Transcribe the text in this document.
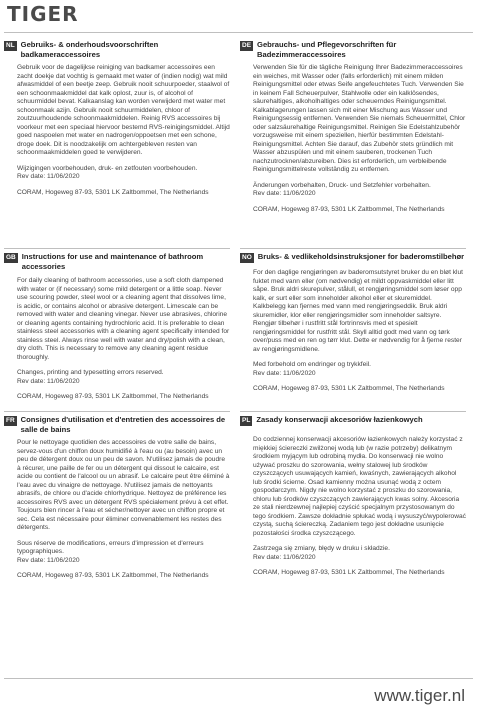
TIGER
NL Gebruiks- & onderhoudsvoorschriften badkameraccessoires

Gebruik voor de dagelijkse reiniging van badkamer accessoires een zacht doekje dat vochtig is gemaakt met water of (indien nodig) wat mild afwasmiddel of een beetje zeep. Gebruik nooit schuurpoeder, staalwol of een schoonmaakmiddel dat kalk oplost, zuur is, of alcohol of schuurmiddel bevat. Kalkaanslag kan worden verwijderd met water met schoonmaak azijn. Gebruik nooit schuurmiddelen, chloor of zoutzuurhoudende schoonmaakmiddelen. Reinig RVS accessoires bij voorkeur met een speciaal hiervoor bestemd RVS-reinigingsmiddel. Altijd goed naspoelen met water en nadrogen/oppoetsen met een schone, droge doek. Dit is noodzakelijk om achtergebleven resten van schoonmaakmiddelen goed te verwijderen.

Wijzigingen voorbehouden, druk- en zetfouten voorbehouden.

Rev date: 11/06/2020

CORAM, Hogeweg 87-93, 5301 LK Zaltbommel, The Netherlands

GB Instructions for use and maintenance of bathroom accessories

For daily cleaning of bathroom accessories, use a soft cloth dampened with water or (if necessary) some mild detergent or a little soap. Never use scouring powder, steel wool or a cleaning agent that dissolves lime, is acidic, or contains alcohol or abrasive detergent. Limescale can be removed with water and cleaning vinegar. Never use abrasives, chlorine or cleaning agents containing hydrochloric acid. It is preferable to clean stainless steel accessories with a cleaning agent specifically intended for stainless steel. Always rinse well with water and dry/polish with a clean, dry cloth. This is necessary to remove any cleaning agent residue thoroughly.

Changes, printing and typesetting errors reserved.

Rev date: 11/06/2020

CORAM, Hogeweg 87-93, 5301 LK Zaltbommel, The Netherlands

FR Consignes d'utilisation et d'entretien des accessoires de salle de bains

Pour le nettoyage quotidien des accessoires de votre salle de bains, servez-vous d'un chiffon doux humidifié à l'eau ou (au besoin) avec un peu de détergent doux ou un peu de savon. N'utilisez jamais de poudre à récurer, une paille de fer ou un détergent qui dissout le calcaire, est acide ou contient de l'alcool ou un abrasif. Le calcaire peut être éliminé à l'eau avec du vinaigre de nettoyage. N'utilisez jamais de nettoyants abrasifs, de chlore ou d'acide chlorhydrique. Nettoyez de préférence les accessoires RVS avec un détergent RVS spécialement prévu à cet effet. Toujours bien rincer à l'eau et sécher/nettoyer avec un chiffon propre et sec. Cela est nécessaire pour éliminer convenablement les restes des détergents.

Sous réserve de modifications, erreurs d'impression et d'erreurs typographiques.

Rev date: 11/06/2020

CORAM, Hogeweg 87-93, 5301 LK Zaltbommel, The Netherlands

DE Gebrauchs- und Pflegevorschriften für Badezimmeraccessoires

Verwenden Sie für die tägliche Reinigung Ihrer Badezimmeraccessoires ein weiches, mit Wasser oder (falls erforderlich) mit einem milden Reinigungsmittel oder etwas Seife angefeuchtetes Tuch. Verwenden Sie in keinem Fall Scheuerpulver, Stahlwolle oder ein kalklösendes, säurehaltiges, alkoholhaltiges oder scheuerndes Reinigungsmittel. Kalkablagerungen lassen sich mit einer Mischung aus Wasser und Reinigungsessig entfernen. Verwenden Sie niemals Scheuermittel, Chlor oder salzsäurehaltige Reinigungsmittel. Reinigen Sie Edelstahlzubehör vorzugsweise mit einem speziellen, hierfür bestimmten Edelstahl-Reinigungsmittel. Achten Sie darauf, das Zubehör stets gründlich mit Wasser abzuspülen und mit einem sauberen, trockenen Tuch nachzutrocknen/abzureiben. Dies ist erforderlich, um verbleibende Reinigungsmittelreste vollständig zu entfernen.

Änderungen vorbehalten, Druck- und Setzfehler vorbehalten.

Rev date: 11/06/2020

CORAM, Hogeweg 87-93, 5301 LK Zaltbommel, The Netherlands

NO Bruks- & vedlikeholdsinstruksjoner for baderomstilbehør

For den daglige rengjøringen av baderomsutstyret bruker du en bløt klut fuktet med vann eller (om nødvendig) et mildt oppvaskmiddel eller litt såpe. Bruk aldri skurepulver, stålull, et rengjøringsmiddel som løser opp kalk, er surt eller som inneholder alkohol eller et skuremiddel. Kalkbelegg kan fjernes med vann med rengjøringseddik. Bruk aldri skuremidler, klor eller rengjøringsmidler som inneholder saltsyre. Rengjør tilbehør i rustfritt stål fortrinnsvis med et spesielt rengjøringsmiddel for rustfritt stål. Skyll alltid godt med vann og tørk over/puss med en ren og tørr klut. Dette er nødvendig for å fjerne rester av rengjøringsmidlene.

Med forbehold om endringer og trykkfeil.

Rev date: 11/06/2020

CORAM, Hogeweg 87-93, 5301 LK Zaltbommel, The Netherlands

PL Zasady konserwacji akcesoriów łazienkowych

Do codziennej konserwacji akcesoriów łazienkowych należy korzystać z miękkiej ściereczki zwilżonej wodą lub (w razie potrzeby) delikatnym środkiem myjącym lub odrobiną mydła. Do konserwacji nie wolno używać proszku do szorowania, wełny stalowej lub środków czyszczących usuwających kamień, kwaśnych, zawierających alkohol lub środki ścierne. Osad kamienny można usunąć wodą z octem gospodarczym. Nigdy nie wolno korzystać z proszku do szorowania, chloru lub środków czyszczących zawierających kwas solny. Akcesoria ze stali nierdzewnej najlepiej czyścić specjalnym przystosowanym do tego środkiem. Zawsze dokładnie spłukać wodą i wysuszyć/wypolerować czystą, suchą ściereczką. Zadaniem tego jest dokładne usunięcie pozostałości środka czyszczącego.

Zastrzega się zmiany, błędy w druku i składzie.

Rev date: 11/06/2020

CORAM, Hogeweg 87-93, 5301 LK Zaltbommel, The Netherlands

www.tiger.nl
